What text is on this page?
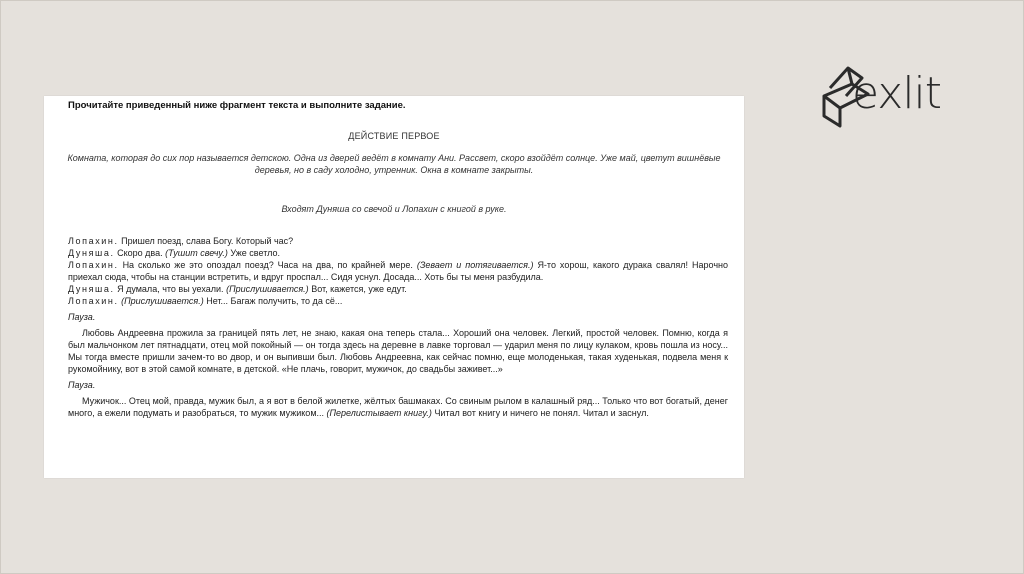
Прочитайте приведенный ниже фрагмент текста и выполните задание.

ДЕЙСТВИЕ ПЕРВОЕ

Комната, которая до сих пор называется детскою. Одна из дверей ведёт в комнату Ани. Рассвет, скоро взойдёт солнце. Уже май, цветут вишнёвые деревья, но в саду холодно, утренник. Окна в комнате закрыты.

Входят Дуняша со свечой и Лопахин с книгой в руке.

Лопахин. Пришел поезд, слава Богу. Который час?

Дуняша. Скоро два. (Тушит свечу.) Уже светло.

Лопахин. На сколько же это опоздал поезд? Часа на два, по крайней мере. (Зевает и потягивается.) Я-то хорош, какого дурака свалял! Нарочно приехал сюда, чтобы на станции встретить, и вдруг проспал... Сидя уснул. Досада... Хоть бы ты меня разбудила.

Дуняша. Я думала, что вы уехали. (Прислушивается.) Вот, кажется, уже едут.

Лопахин. (Прислушивается.) Нет... Багаж получить, то да сё...

Пауза.

Любовь Андреевна прожила за границей пять лет, не знаю, какая она теперь стала... Хороший она человек. Легкий, простой человек. Помню, когда я был мальчонком лет пятнадцати, отец мой покойный — он тогда здесь на деревне в лавке торговал — ударил меня по лицу кулаком, кровь пошла из носу... Мы тогда вместе пришли зачем-то во двор, и он выпивши был. Любовь Андреевна, как сейчас помню, еще молоденькая, такая худенькая, подвела меня к рукомойнику, вот в этой самой комнате, в детской. «Не плачь, говорит, мужичок, до свадьбы заживет...»

Пауза.

Мужичок... Отец мой, правда, мужик был, а я вот в белой жилетке, жёлтых башмаках. Со свиным рылом в калашный ряд... Только что вот богатый, денег много, а ежели подумать и разобраться, то мужик мужиком... (Перелистывает книгу.) Читал вот книгу и ничего не понял. Читал и заснул.

exlit
